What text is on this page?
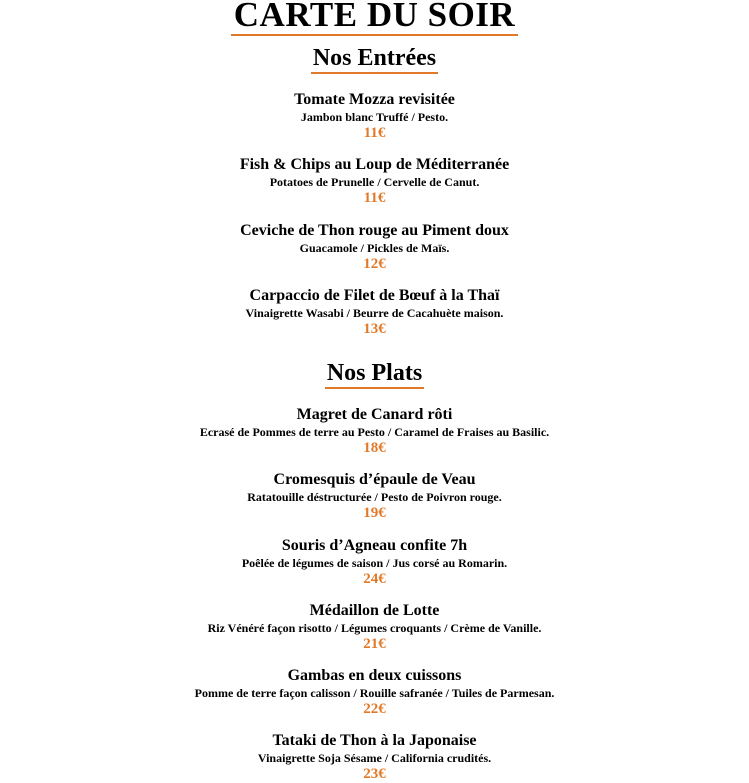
CARTE DU SOIR
Nos Entrées
Tomate Mozza revisitée
Jambon blanc Truffé / Pesto.
11€
Fish & Chips au Loup de Méditerranée
Potatoes de Prunelle / Cervelle de Canut.
11€
Ceviche de Thon rouge au Piment doux
Guacamole / Pickles de Maïs.
12€
Carpaccio de Filet de Bœuf à la Thaï
Vinaigrette Wasabi / Beurre de Cacahuète maison.
13€
Nos Plats
Magret de Canard rôti
Ecrasé de Pommes de terre au Pesto / Caramel de Fraises au Basilic.
18€
Cromesquis d’épaule de Veau
Ratatouille déstructurée / Pesto de Poivron rouge.
19€
Souris d’Agneau confite 7h
Poêlée de légumes de saison / Jus corsé au Romarin.
24€
Médaillon de Lotte
Riz Vénéré façon risotto / Légumes croquants / Crème de Vanille.
21€
Gambas en deux cuissons
Pomme de terre façon calisson / Rouille safranée / Tuiles de Parmesan.
22€
Tataki de Thon à la Japonaise
Vinaigrette Soja Sésame / California crudités.
23€
